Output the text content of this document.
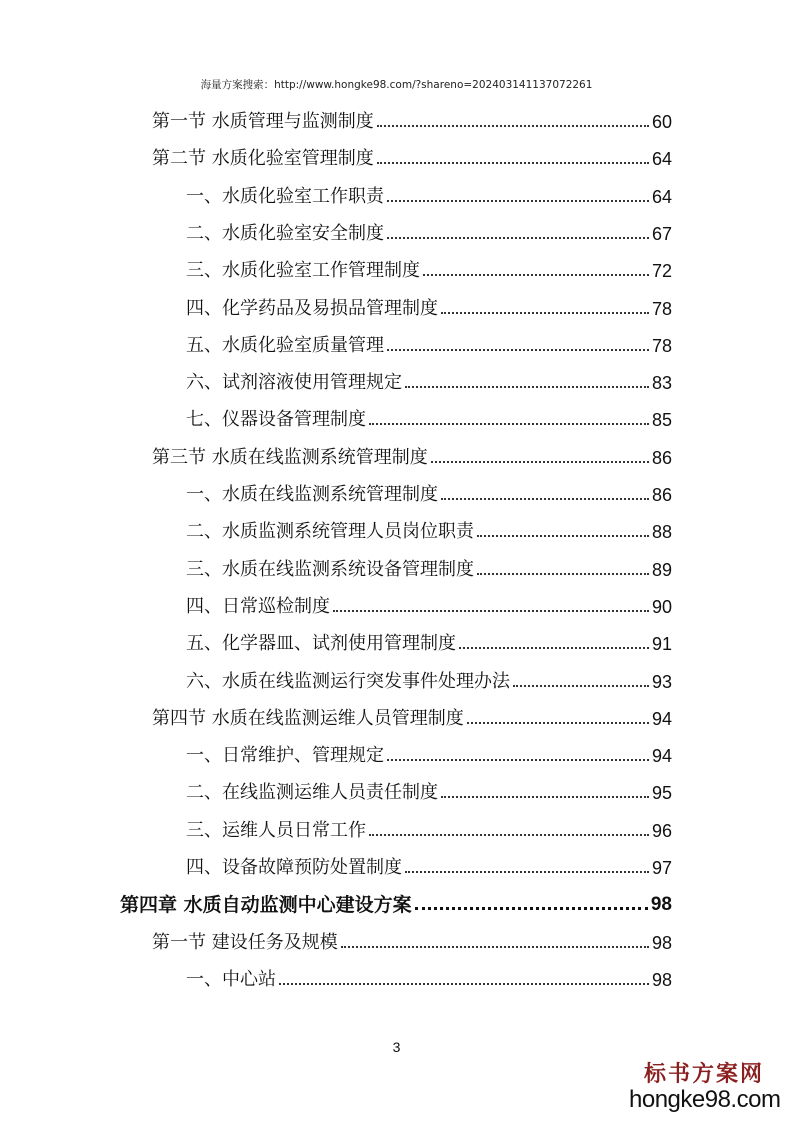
海量方案搜索：http://www.hongke98.com/?shareno=202403141137072261
第一节 水质管理与监测制度	60
第二节 水质化验室管理制度	64
一、水质化验室工作职责	64
二、水质化验室安全制度	67
三、水质化验室工作管理制度	72
四、化学药品及易损品管理制度	78
五、水质化验室质量管理	78
六、试剂溶液使用管理规定	83
七、仪器设备管理制度	85
第三节 水质在线监测系统管理制度	86
一、水质在线监测系统管理制度	86
二、水质监测系统管理人员岗位职责	88
三、水质在线监测系统设备管理制度	89
四、日常巡检制度	90
五、化学器皿、试剂使用管理制度	91
六、水质在线监测运行突发事件处理办法	93
第四节 水质在线监测运维人员管理制度	94
一、日常维护、管理规定	94
二、在线监测运维人员责任制度	95
三、运维人员日常工作	96
四、设备故障预防处置制度	97
第四章 水质自动监测中心建设方案	98
第一节 建设任务及规模	98
一、中心站	98
3
标书方案网
hongke98.com
